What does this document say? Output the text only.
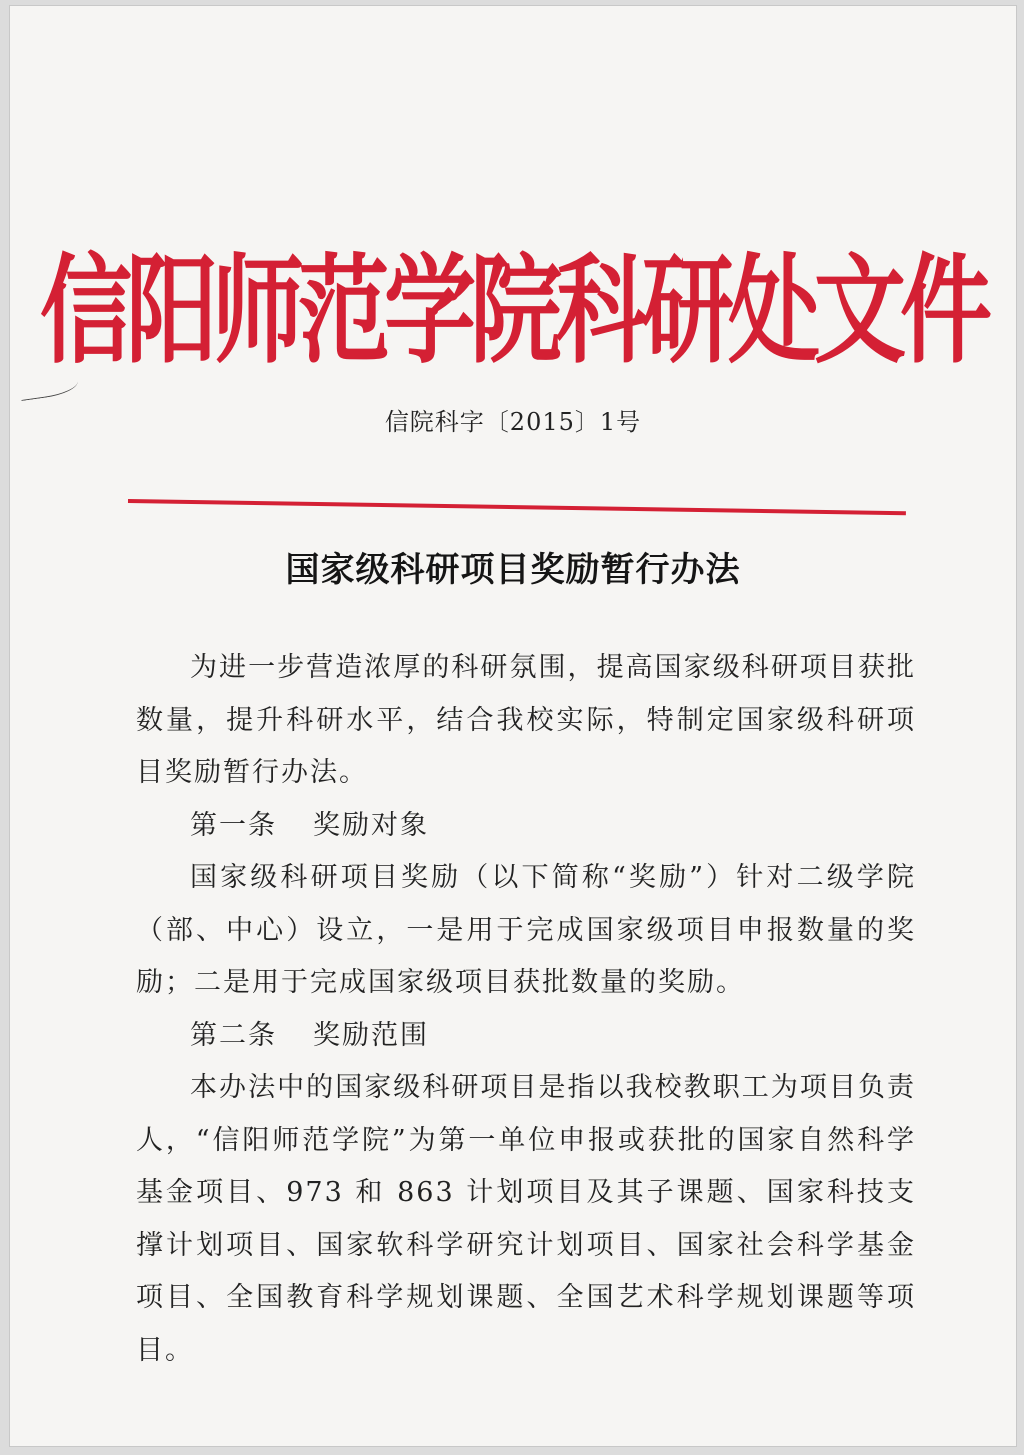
信阳师范学院科研处文件
信院科字〔2015〕1号
国家级科研项目奖励暂行办法

为进一步营造浓厚的科研氛围，提高国家级科研项目获批数量，提升科研水平，结合我校实际，特制定国家级科研项目奖励暂行办法。

第一条 奖励对象

国家级科研项目奖励（以下简称“奖励”）针对二级学院（部、中心）设立，一是用于完成国家级项目申报数量的奖励；二是用于完成国家级项目获批数量的奖励。

第二条 奖励范围

本办法中的国家级科研项目是指以我校教职工为项目负责人，“信阳师范学院”为第一单位申报或获批的国家自然科学基金项目、973 和 863 计划项目及其子课题、国家科技支撑计划项目、国家软科学研究计划项目、国家社会科学基金项目、全国教育科学规划课题、全国艺术科学规划课题等项目。
